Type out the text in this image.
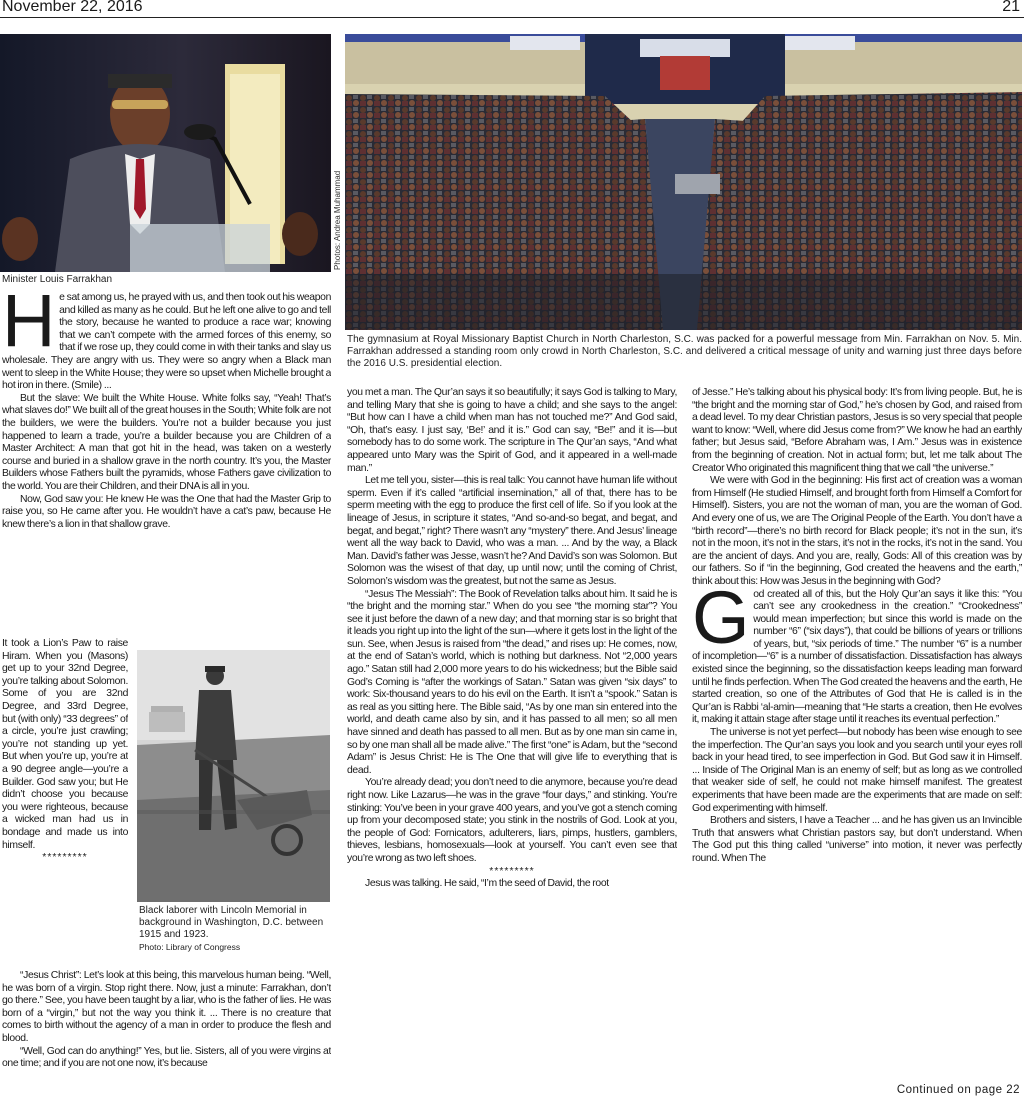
November 22, 2016	21
Minister Louis Farrakhan
Photos: Andrea Muhammad
The gymnasium at Royal Missionary Baptist Church in North Charleston, S.C. was packed for a powerful message from Min. Farrakhan on Nov. 5. Min. Farrakhan addressed a standing room only crowd in North Charleston, S.C. and delivered a critical message of unity and warning just three days before the 2016 U.S. presidential election.

He sat among us, he prayed with us, and then took out his weapon and killed as many as he could. But he left one alive to go and tell the story, because he wanted to produce a race war; knowing that we can’t compete with the armed forces of this enemy, so that if we rose up, they could come in with their tanks and slay us wholesale. They are angry with us. They were so angry when a Black man went to sleep in the White House; they were so upset when Michelle brought a hot iron in there. (Smile) ...

But the slave: We built the White House. White folks say, “Yeah! That’s what slaves do!” We built all of the great houses in the South; White folk are not the builders, we were the builders. You’re not a builder because you just happened to learn a trade, you’re a builder because you are Children of a Master Architect: A man that got hit in the head, was taken on a westerly course and buried in a shallow grave in the north country. It’s you, the Master Builders whose Fathers built the pyramids, whose Fathers gave civilization to the world. You are their Children, and their DNA is all in you.

Now, God saw you: He knew He was the One that had the Master Grip to raise you, so He came after you. He wouldn’t have a cat’s paw, because He knew there’s a lion in that shallow grave.

It took a Lion’s Paw to raise Hiram. When you (Masons) get up to your 32nd Degree, you’re talking about Solomon. Some of you are 32nd Degree, and 33rd Degree, but (with only) “33 degrees” of a circle, you’re just crawling; you’re not standing up yet. But when you’re up, you’re at a 90 degree angle—you’re a Builder. God saw you; but He didn’t choose you because you were righteous, because a wicked man had us in bondage and made us into himself.

*********

Black laborer with Lincoln Memorial in background in Washington, D.C. between 1915 and 1923.
Photo: Library of Congress

“Jesus Christ”: Let’s look at this being, this marvelous human being. “Well, he was born of a virgin. Stop right there. Now, just a minute: Farrakhan, don’t go there.” See, you have been taught by a liar, who is the father of lies. He was born of a “virgin,” but not the way you think it. ... There is no creature that comes to birth without the agency of a man in order to produce the flesh and blood.

“Well, God can do anything!” Yes, but lie. Sisters, all of you were virgins at one time; and if you are not one now, it’s because

you met a man. The Qur’an says it so beautifully; it says God is talking to Mary, and telling Mary that she is going to have a child; and she says to the angel: “But how can I have a child when man has not touched me?” And God said, “Oh, that’s easy. I just say, ‘Be!’ and it is.” God can say, “Be!” and it is—but somebody has to do some work. The scripture in The Qur’an says, “And what appeared unto Mary was the Spirit of God, and it appeared in a well-made man.”

Let me tell you, sister—this is real talk: You cannot have human life without sperm. Even if it’s called “artificial insemination,” all of that, there has to be sperm meeting with the egg to produce the first cell of life. So if you look at the lineage of Jesus, in scripture it states, “And so-and-so begat, and begat, and begat, and begat,” right? There wasn’t any “mystery” there. And Jesus’ lineage went all the way back to David, who was a man. ... And by the way, a Black Man. David’s father was Jesse, wasn’t he? And David’s son was Solomon. But Solomon was the wisest of that day, up until now; until the coming of Christ, Solomon’s wisdom was the greatest, but not the same as Jesus.

“Jesus The Messiah”: The Book of Revelation talks about him. It said he is “the bright and the morning star.” When do you see “the morning star”? You see it just before the dawn of a new day; and that morning star is so bright that it leads you right up into the light of the sun—where it gets lost in the light of the sun. See, when Jesus is raised from “the dead,” and rises up: He comes, now, at the end of Satan’s world, which is nothing but darkness. Not “2,000 years ago.” Satan still had 2,000 more years to do his wickedness; but the Bible said God’s Coming is “after the workings of Satan.” Satan was given “six days” to work: Six-thousand years to do his evil on the Earth. It isn’t a “spook.” Satan is as real as you sitting here. The Bible said, “As by one man sin entered into the world, and death came also by sin, and it has passed to all men; so all men have sinned and death has passed to all men. But as by one man sin came in, so by one man shall all be made alive.” The first “one” is Adam, but the “second Adam” is Jesus Christ: He is The One that will give life to everything that is dead.

You’re already dead; you don’t need to die anymore, because you’re dead right now. Like Lazarus—he was in the grave “four days,” and stinking. You’re stinking: You’ve been in your grave 400 years, and you’ve got a stench coming up from your decomposed state; you stink in the nostrils of God. Look at you, the people of God: Fornicators, adulterers, liars, pimps, hustlers, gamblers, thieves, lesbians, homosexuals—look at yourself. You can’t even see that you’re wrong as two left shoes.

*********

Jesus was talking. He said, “I’m the seed of David, the root

of Jesse.” He’s talking about his physical body: It’s from living people. But, he is “the bright and the morning star of God,” he’s chosen by God, and raised from a dead level. To my dear Christian pastors, Jesus is so very special that people want to know: “Well, where did Jesus come from?” We know he had an earthly father; but Jesus said, “Before Abraham was, I Am.” Jesus was in existence from the beginning of creation. Not in actual form; but, let me talk about The Creator Who originated this magnificent thing that we call “the universe.”

We were with God in the beginning: His first act of creation was a woman from Himself (He studied Himself, and brought forth from Himself a Comfort for Himself). Sisters, you are not the woman of man, you are the woman of God. And every one of us, we are The Original People of the Earth. You don’t have a “birth record”—there’s no birth record for Black people; it’s not in the sun, it’s not in the moon, it’s not in the stars, it’s not in the rocks, it’s not in the sand. You are the ancient of days. And you are, really, Gods: All of this creation was by our fathers. So if “in the beginning, God created the heavens and the earth,” think about this: How was Jesus in the beginning with God?

God created all of this, but the Holy Qur’an says it like this: “You can’t see any crookedness in the creation.” “Crookedness” would mean imperfection; but since this world is made on the number “6” (“six days”), that could be billions of years or trillions of years, but, “six periods of time.” The number “6” is a number of incompletion—“6” is a number of dissatisfaction. Dissatisfaction has always existed since the beginning, so the dissatisfaction keeps leading man forward until he finds perfection. When The God created the heavens and the earth, He started creation, so one of the Attributes of God that He is called is in the Qur’an is Rabbi ‘al-amin—meaning that “He starts a creation, then He evolves it, making it attain stage after stage until it reaches its eventual perfection.”

The universe is not yet perfect—but nobody has been wise enough to see the imperfection. The Qur’an says you look and you search until your eyes roll back in your head tired, to see imperfection in God. But God saw it in Himself. ... Inside of The Original Man is an enemy of self; but as long as we controlled that weaker side of self, he could not make himself manifest. The greatest experiments that have been made are the experiments that are made on self: God experimenting with himself.

Brothers and sisters, I have a Teacher ... and he has given us an Invincible Truth that answers what Christian pastors say, but don’t understand. When The God put this thing called “universe” into motion, it never was perfectly round. When The

Continued on page 22
